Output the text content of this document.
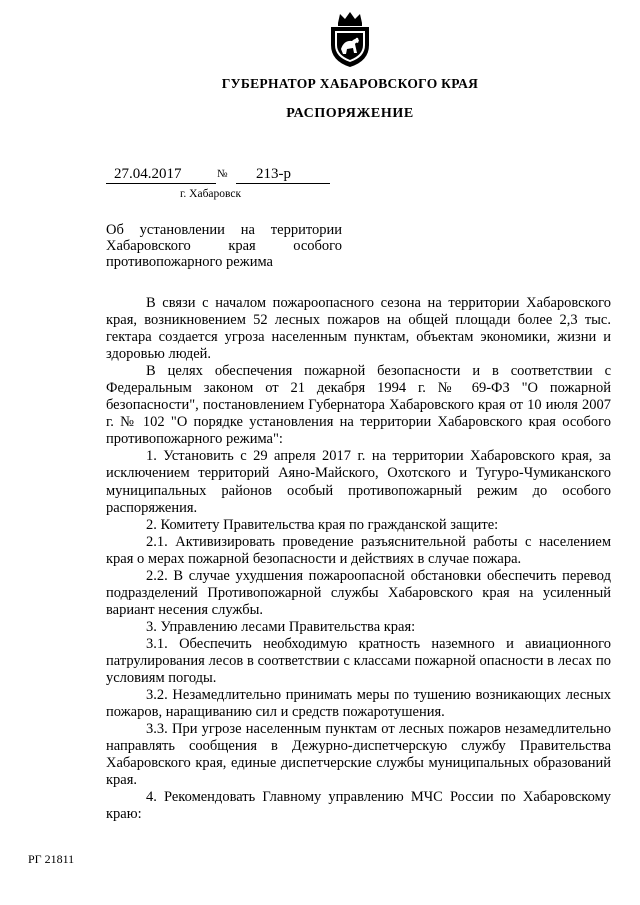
ГУБЕРНАТОР ХАБАРОВСКОГО КРАЯ
РАСПОРЯЖЕНИЕ
27.04.2017	№	213-р
г. Хабаровск
Об установлении на территории Хабаровского края особого противопожарного режима

В связи с началом пожароопасного сезона на территории Хабаровского края, возникновением 52 лесных пожаров на общей площади более 2,3 тыс. гектара создается угроза населенным пунктам, объектам экономики, жизни и здоровью людей.

В целях обеспечения пожарной безопасности и в соответствии с Федеральным законом от 21 декабря 1994 г. № 69-ФЗ "О пожарной безопасности", постановлением Губернатора Хабаровского края от 10 июля 2007 г. № 102 "О порядке установления на территории Хабаровского края особого противопожарного режима":

1. Установить с 29 апреля 2017 г. на территории Хабаровского края, за исключением территорий Аяно-Майского, Охотского и Тугуро-Чумиканского муниципальных районов особый противопожарный режим до особого распоряжения.

2. Комитету Правительства края по гражданской защите:

2.1. Активизировать проведение разъяснительной работы с населением края о мерах пожарной безопасности и действиях в случае пожара.

2.2. В случае ухудшения пожароопасной обстановки обеспечить перевод подразделений Противопожарной службы Хабаровского края на усиленный вариант несения службы.

3. Управлению лесами Правительства края:

3.1. Обеспечить необходимую кратность наземного и авиационного патрулирования лесов в соответствии с классами пожарной опасности в лесах по условиям погоды.

3.2. Незамедлительно принимать меры по тушению возникающих лесных пожаров, наращиванию сил и средств пожаротушения.

3.3. При угрозе населенным пунктам от лесных пожаров незамедлительно направлять сообщения в Дежурно-диспетчерскую службу Правительства Хабаровского края, единые диспетчерские службы муниципальных образований края.

4. Рекомендовать Главному управлению МЧС России по Хабаровскому краю:

РГ 21811
